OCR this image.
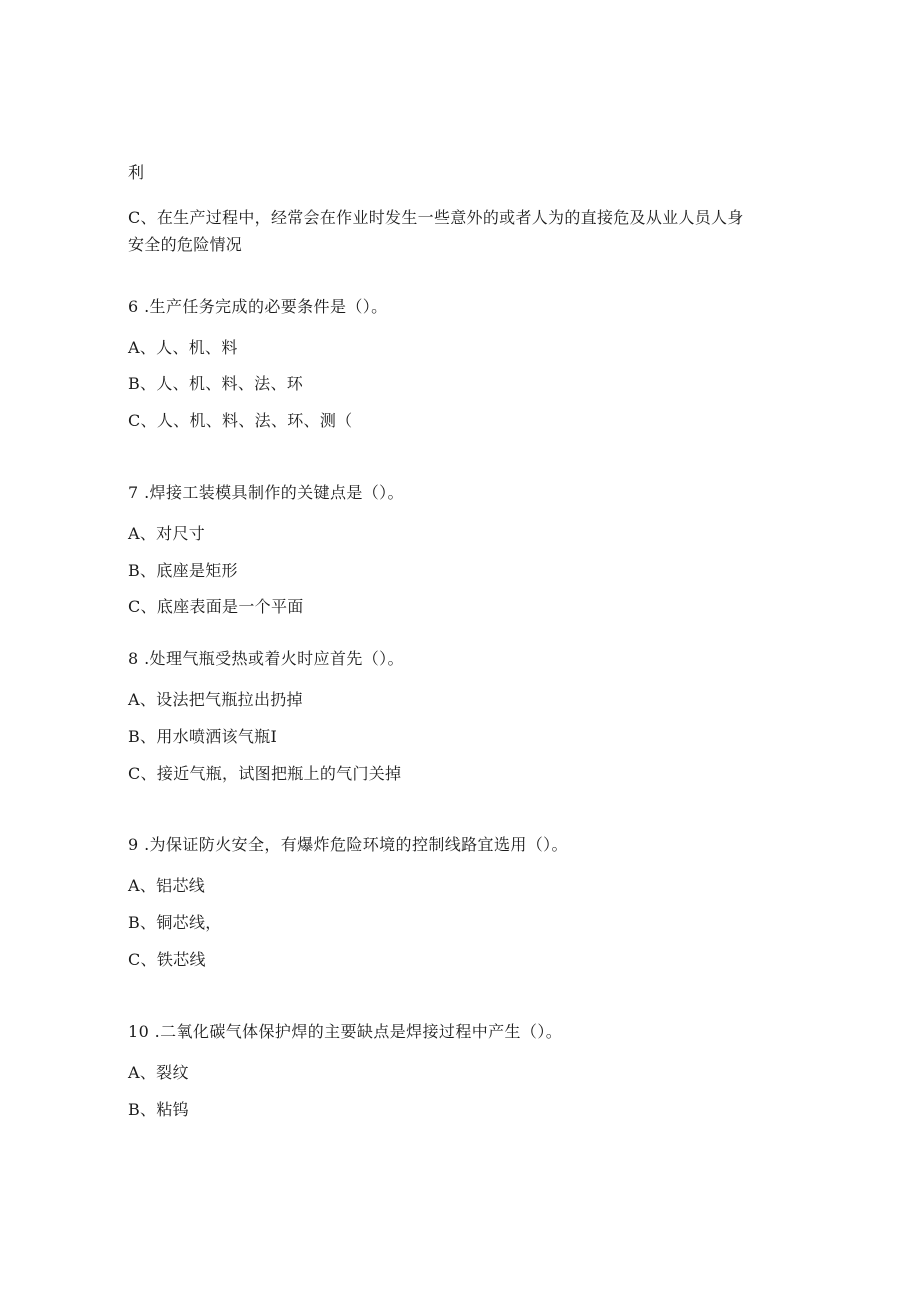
利
C、在生产过程中，经常会在作业时发生一些意外的或者人为的直接危及从业人员人身
安全的危险情况
6 .生产任务完成的必要条件是（）。
A、人、机、料
B、人、机、料、法、环
C、人、机、料、法、环、测（
7 .焊接工装模具制作的关键点是（）。
A、对尺寸
B、底座是矩形
C、底座表面是一个平面
8 .处理气瓶受热或着火时应首先（）。
A、设法把气瓶拉出扔掉
B、用水喷洒该气瓶I
C、接近气瓶，试图把瓶上的气门关掉
9 .为保证防火安全，有爆炸危险环境的控制线路宜选用（）。
A、铝芯线
B、铜芯线，
C、铁芯线
10 .二氧化碳气体保护焊的主要缺点是焊接过程中产生（）。
A、裂纹
B、粘钨
